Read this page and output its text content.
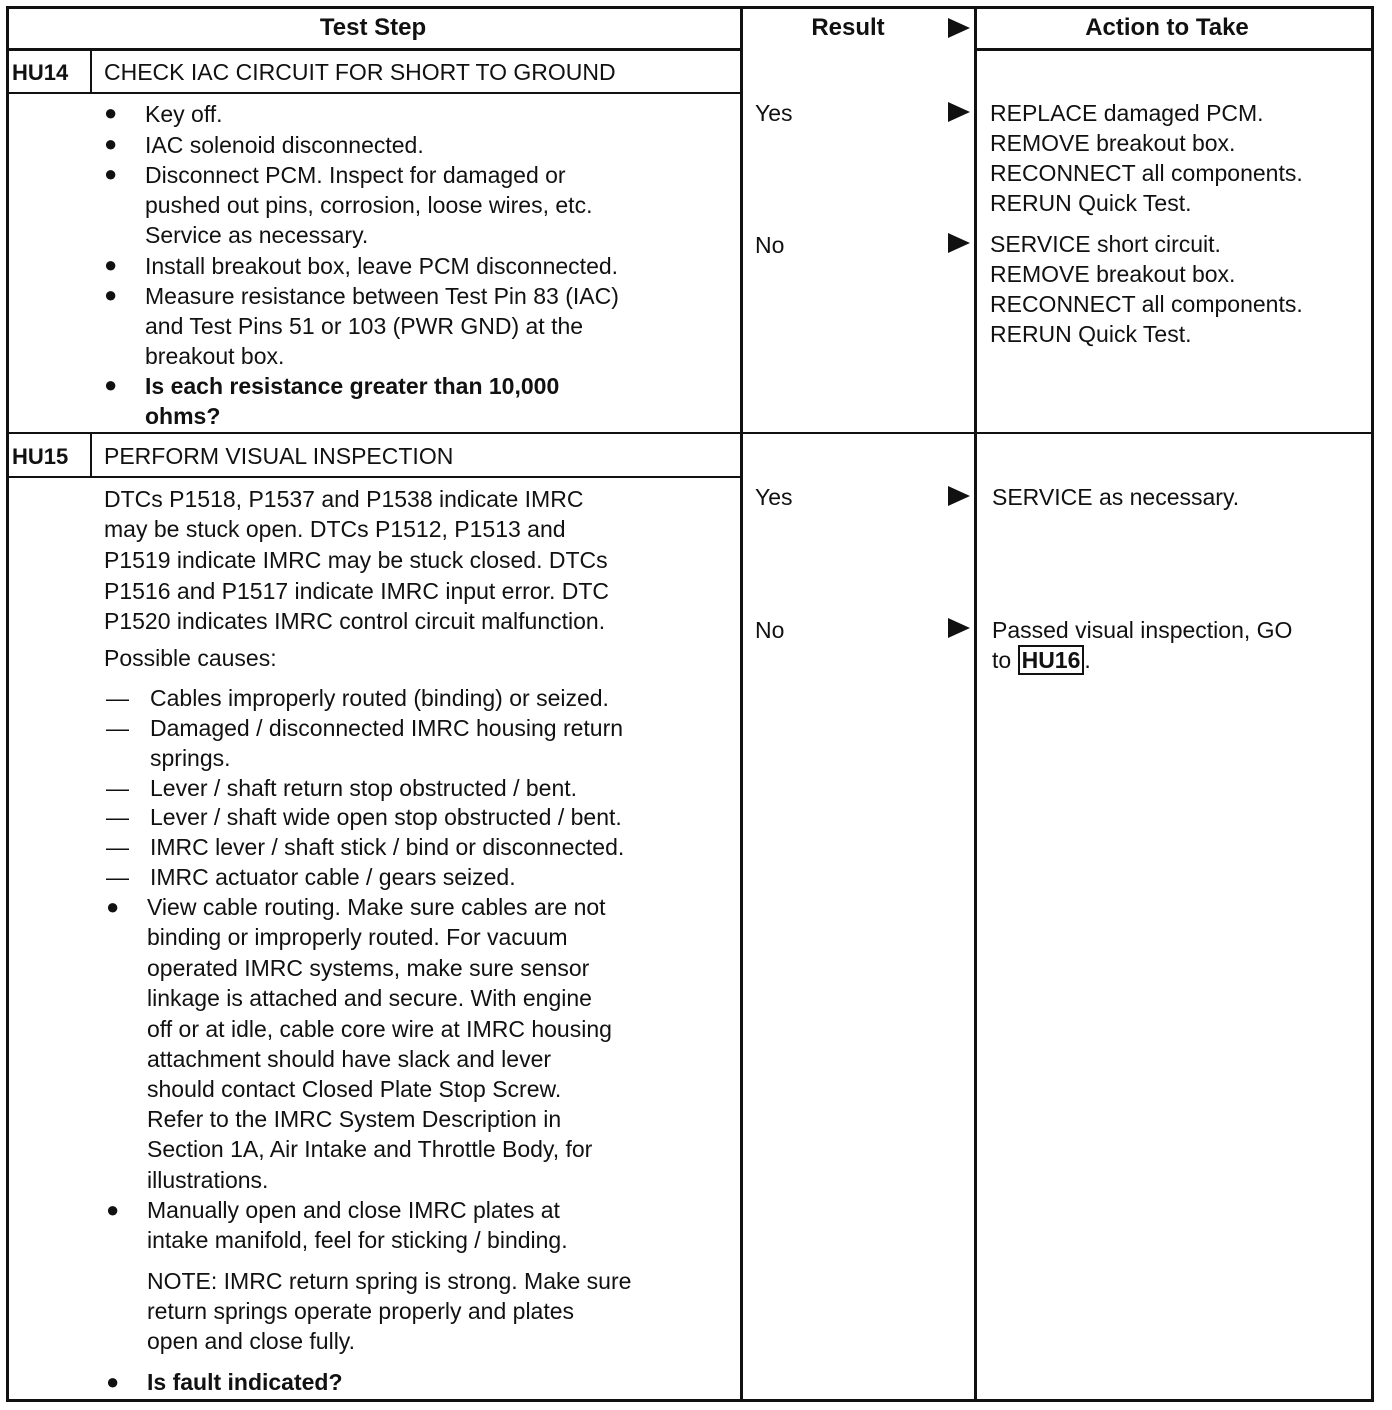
Test Step	Result	Action to Take
HU14 CHECK IAC CIRCUIT FOR SHORT TO GROUND
● Key off.
● IAC solenoid disconnected.
● Disconnect PCM. Inspect for damaged or
pushed out pins, corrosion, loose wires, etc.
Service as necessary.
● Install breakout box, leave PCM disconnected.
● Measure resistance between Test Pin 83 (IAC)
and Test Pins 51 or 103 (PWR GND) at the
breakout box.
● Is each resistance greater than 10,000
ohms?
Yes	REPLACE damaged PCM.
REMOVE breakout box.
RECONNECT all components.
RERUN Quick Test.
No	SERVICE short circuit.
REMOVE breakout box.
RECONNECT all components.
RERUN Quick Test.
HU15 PERFORM VISUAL INSPECTION
DTCs P1518, P1537 and P1538 indicate IMRC
may be stuck open. DTCs P1512, P1513 and
P1519 indicate IMRC may be stuck closed. DTCs
P1516 and P1517 indicate IMRC input error. DTC
P1520 indicates IMRC control circuit malfunction.
Possible causes:
— Cables improperly routed (binding) or seized.
— Damaged / disconnected IMRC housing return
springs.
— Lever / shaft return stop obstructed / bent.
— Lever / shaft wide open stop obstructed / bent.
— IMRC lever / shaft stick / bind or disconnected.
— IMRC actuator cable / gears seized.
● View cable routing. Make sure cables are not
binding or improperly routed. For vacuum
operated IMRC systems, make sure sensor
linkage is attached and secure. With engine
off or at idle, cable core wire at IMRC housing
attachment should have slack and lever
should contact Closed Plate Stop Screw.
Refer to the IMRC System Description in
Section 1A, Air Intake and Throttle Body, for
illustrations.
● Manually open and close IMRC plates at
intake manifold, feel for sticking / binding.
NOTE: IMRC return spring is strong. Make sure
return springs operate properly and plates
open and close fully.
● Is fault indicated?
Yes	SERVICE as necessary.
No	Passed visual inspection, GO
to HU16 .
